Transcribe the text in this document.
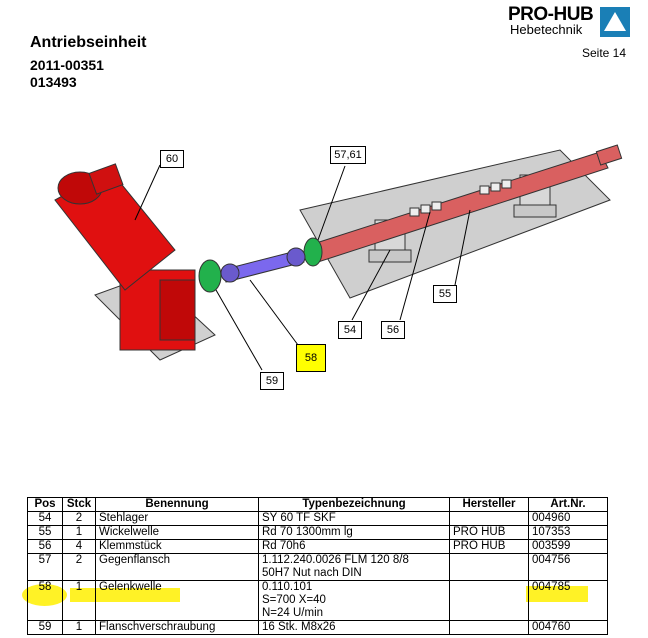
Antriebseinheit
2011-00351
013493
Seite 14
PRO-HUB
Hebetechnik
60	57,61
55
56
54
58
59
Pos	Stck	Benennung	Typenbezeichnung	Hersteller	Art.Nr.
54	2	Stehlager	SY 60 TF SKF		004960
55	1	Wickelwelle	Rd 70 1300mm lg	PRO HUB	107353
56	4	Klemmstück	Rd 70h6	PRO HUB	003599
57	2	Gegenflansch	1.112.240.0026 FLM 120 8/8
50H7 Nut nach DIN		004756
58	1	Gelenkwelle	0.110.101
S=700 X=40
N=24 U/min		004785
59	1	Flanschverschraubung	16 Stk. M8x26		004760
